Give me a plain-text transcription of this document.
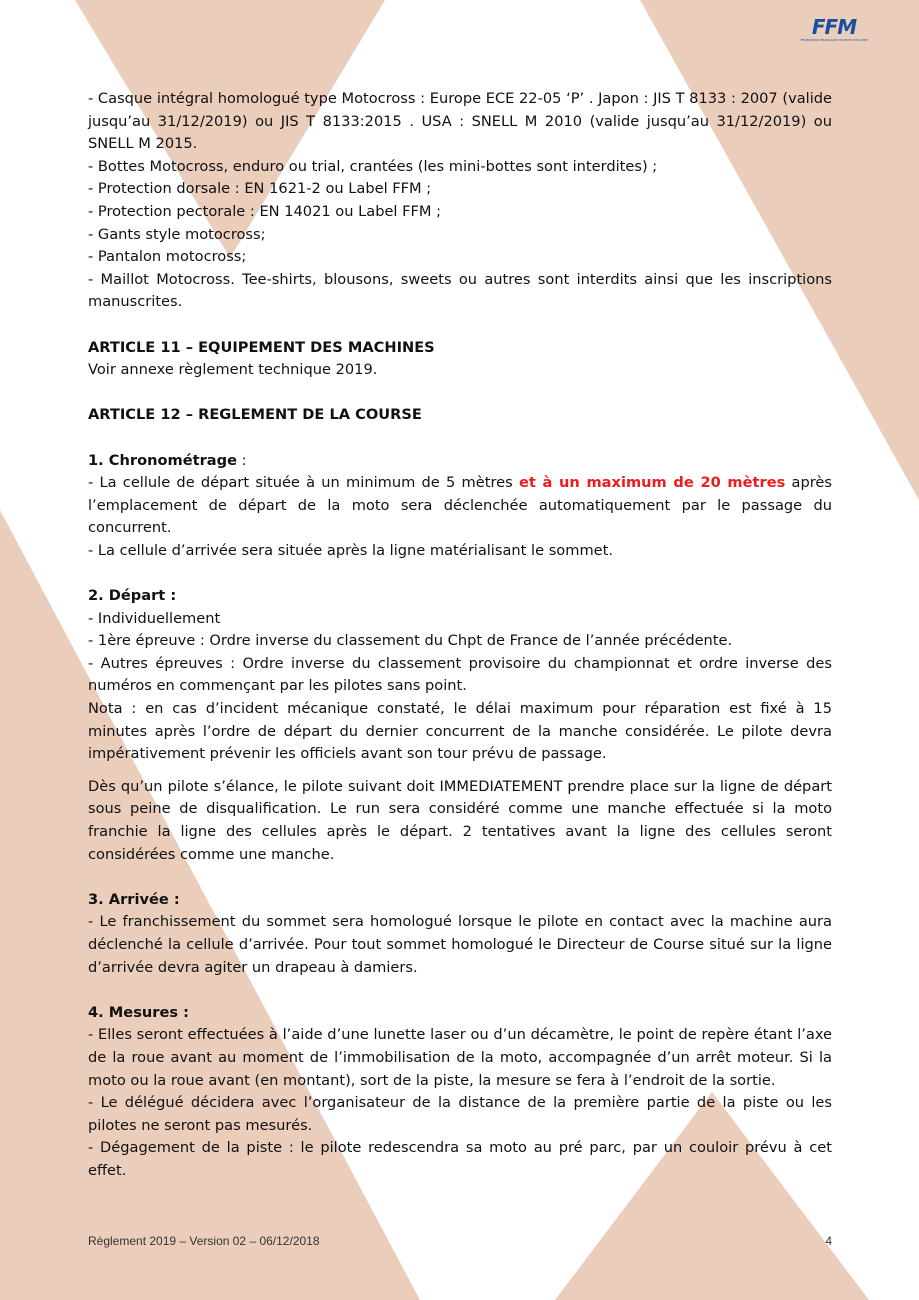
FFM
FÉDÉRATION FRANÇAISE DE MOTOCYCLISME

- Casque intégral homologué type Motocross : Europe ECE 22-05 ‘P’ . Japon : JIS T 8133 : 2007 (valide jusqu’au 31/12/2019) ou JIS T 8133:2015 . USA : SNELL M 2010 (valide jusqu’au 31/12/2019) ou SNELL M 2015.

- Bottes Motocross, enduro ou trial, crantées (les mini-bottes sont interdites) ;

- Protection dorsale : EN 1621-2 ou Label FFM ;

- Protection pectorale : EN 14021 ou Label FFM ;

- Gants style motocross;

- Pantalon motocross;

- Maillot Motocross. Tee-shirts, blousons, sweets ou autres sont interdits ainsi que les inscriptions manuscrites.

ARTICLE 11 – EQUIPEMENT DES MACHINES

Voir annexe règlement technique 2019.

ARTICLE 12 – REGLEMENT DE LA COURSE

1. Chronométrage :

- La cellule de départ située à un minimum de 5 mètres et à un maximum de 20 mètres après l’emplacement de départ de la moto sera déclenchée automatiquement par le passage du concurrent.

- La cellule d’arrivée sera située après la ligne matérialisant le sommet.

2. Départ :

- Individuellement

- 1ère épreuve : Ordre inverse du classement du Chpt de France de l’année précédente.

- Autres épreuves : Ordre inverse du classement provisoire du championnat et ordre inverse des numéros en commençant par les pilotes sans point.

Nota : en cas d’incident mécanique constaté, le délai maximum pour réparation est fixé à 15 minutes après l’ordre de départ du dernier concurrent de la manche considérée. Le pilote devra impérativement prévenir les officiels avant son tour prévu de passage.

Dès qu’un pilote s’élance, le pilote suivant doit IMMEDIATEMENT prendre place sur la ligne de départ sous peine de disqualification. Le run sera considéré comme une manche effectuée si la moto franchie la ligne des cellules après le départ. 2 tentatives avant la ligne des cellules seront considérées comme une manche.

3. Arrivée :

- Le franchissement du sommet sera homologué lorsque le pilote en contact avec la machine aura déclenché la cellule d’arrivée. Pour tout sommet homologué le Directeur de Course situé sur la ligne d’arrivée devra agiter un drapeau à damiers.

4. Mesures :

- Elles seront effectuées à l’aide d’une lunette laser ou d’un décamètre, le point de repère étant l’axe de la roue avant au moment de l’immobilisation de la moto, accompagnée d’un arrêt moteur. Si la moto ou la roue avant (en montant), sort de la piste, la mesure se fera à l’endroit de la sortie.

- Le délégué décidera avec l’organisateur de la distance de la première partie de la piste ou les pilotes ne seront pas mesurés.

- Dégagement de la piste : le pilote redescendra sa moto au pré parc, par un couloir prévu à cet effet.

Règlement 2019 – Version 02 – 06/12/2018	4
